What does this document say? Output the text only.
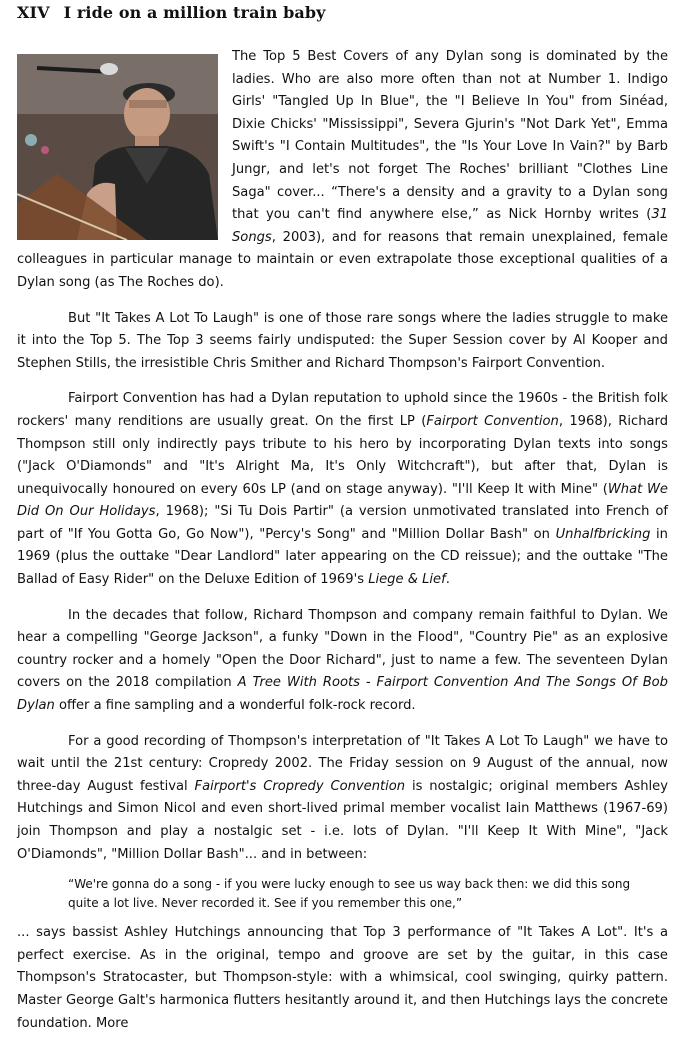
XIV I ride on a million train baby

The Top 5 Best Covers of any Dylan song is dominated by the ladies. Who are also more often than not at Number 1. Indigo Girls' "Tangled Up In Blue", the "I Believe In You" from Sinéad, Dixie Chicks' "Mississippi", Severa Gjurin's "Not Dark Yet", Emma Swift's "I Contain Multitudes", the "Is Your Love In Vain?" by Barb Jungr, and let's not forget The Roches' brilliant "Clothes Line Saga" cover... “There's a density and a gravity to a Dylan song that you can't find anywhere else,” as Nick Hornby writes (31 Songs, 2003), and for reasons that remain unexplained, female colleagues in particular manage to maintain or even extrapolate those exceptional qualities of a Dylan song (as The Roches do).

But "It Takes A Lot To Laugh" is one of those rare songs where the ladies struggle to make it into the Top 5. The Top 3 seems fairly undisputed: the Super Session cover by Al Kooper and Stephen Stills, the irresistible Chris Smither and Richard Thompson's Fairport Convention.

Fairport Convention has had a Dylan reputation to uphold since the 1960s - the British folk rockers' many renditions are usually great. On the first LP (Fairport Convention, 1968), Richard Thompson still only indirectly pays tribute to his hero by incorporating Dylan texts into songs ("Jack O'Diamonds" and "It's Alright Ma, It's Only Witchcraft"), but after that, Dylan is unequivocally honoured on every 60s LP (and on stage anyway). "I'll Keep It with Mine" (What We Did On Our Holidays, 1968); "Si Tu Dois Partir" (a version unmotivated translated into French of part of "If You Gotta Go, Go Now"), "Percy's Song" and "Million Dollar Bash" on Unhalfbricking in 1969 (plus the outtake "Dear Landlord" later appearing on the CD reissue); and the outtake "The Ballad of Easy Rider" on the Deluxe Edition of 1969's Liege & Lief.

In the decades that follow, Richard Thompson and company remain faithful to Dylan. We hear a compelling "George Jackson", a funky "Down in the Flood", "Country Pie" as an explosive country rocker and a homely "Open the Door Richard", just to name a few. The seventeen Dylan covers on the 2018 compilation A Tree With Roots - Fairport Convention And The Songs Of Bob Dylan offer a fine sampling and a wonderful folk-rock record.

For a good recording of Thompson's interpretation of "It Takes A Lot To Laugh" we have to wait until the 21st century: Cropredy 2002. The Friday session on 9 August of the annual, now three-day August festival Fairport's Cropredy Convention is nostalgic; original members Ashley Hutchings and Simon Nicol and even short-lived primal member vocalist Iain Matthews (1967-69) join Thompson and play a nostalgic set - i.e. lots of Dylan. "I'll Keep It With Mine", "Jack O'Diamonds", "Million Dollar Bash"... and in between:

“We're gonna do a song - if you were lucky enough to see us way back then: we did this song quite a lot live. Never recorded it. See if you remember this one,”

... says bassist Ashley Hutchings announcing that Top 3 performance of "It Takes A Lot". It's a perfect exercise. As in the original, tempo and groove are set by the guitar, in this case Thompson's Stratocaster, but Thompson-style: with a whimsical, cool swinging, quirky pattern. Master George Galt's harmonica flutters hesitantly around it, and then Hutchings lays the concrete foundation. More
